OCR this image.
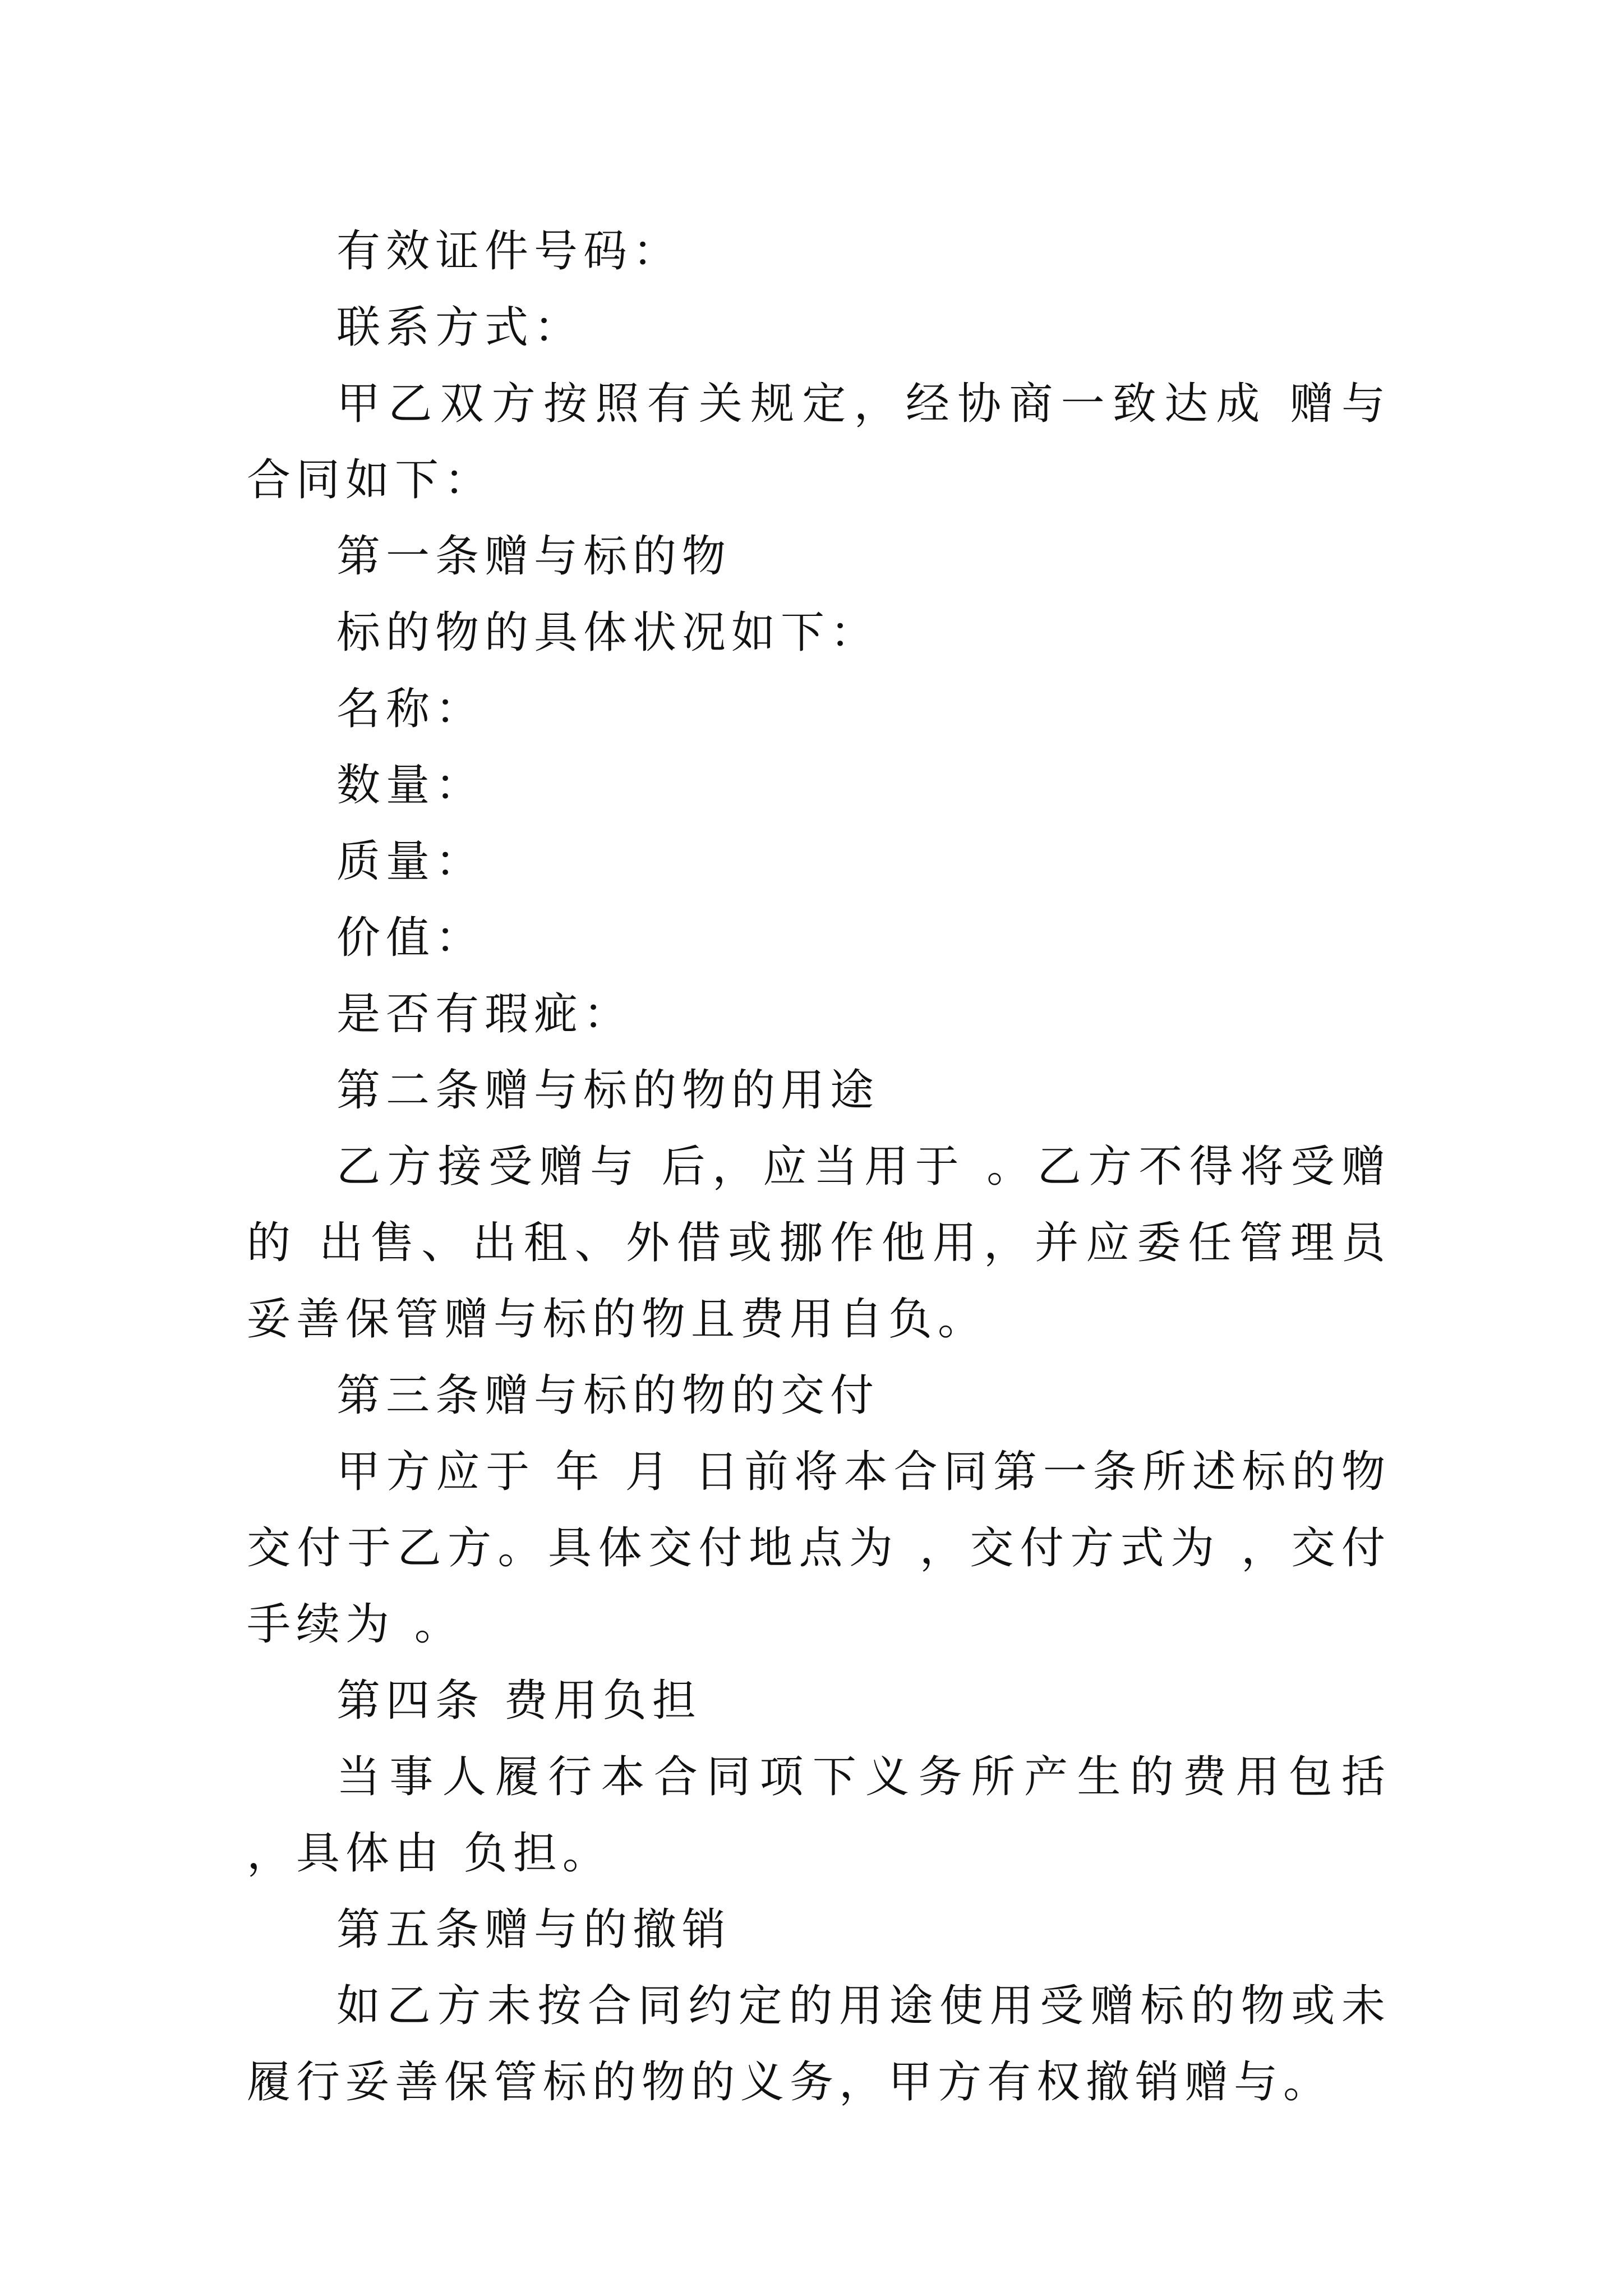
有效证件号码：

联系方式：

甲乙双方按照有关规定，经协商一致达成 赠与合同如下：

第一条赠与标的物

标的物的具体状况如下：

名称：

数量：

质量：

价值：

是否有瑕疵：

第二条赠与标的物的用途

乙方接受赠与 后，应当用于 。乙方不得将受赠的 出售、出租、外借或挪作他用，并应委任管理员妥善保管赠与标的物且费用自负。

第三条赠与标的物的交付

甲方应于 年 月 日前将本合同第一条所述标的物交付于乙方。具体交付地点为 ，交付方式为 ，交付手续为 。

第四条 费用负担

当事人履行本合同项下义务所产生的费用包括 ，具体由 负担。

第五条赠与的撤销

如乙方未按合同约定的用途使用受赠标的物或未履行妥善保管标的物的义务，甲方有权撤销赠与。
